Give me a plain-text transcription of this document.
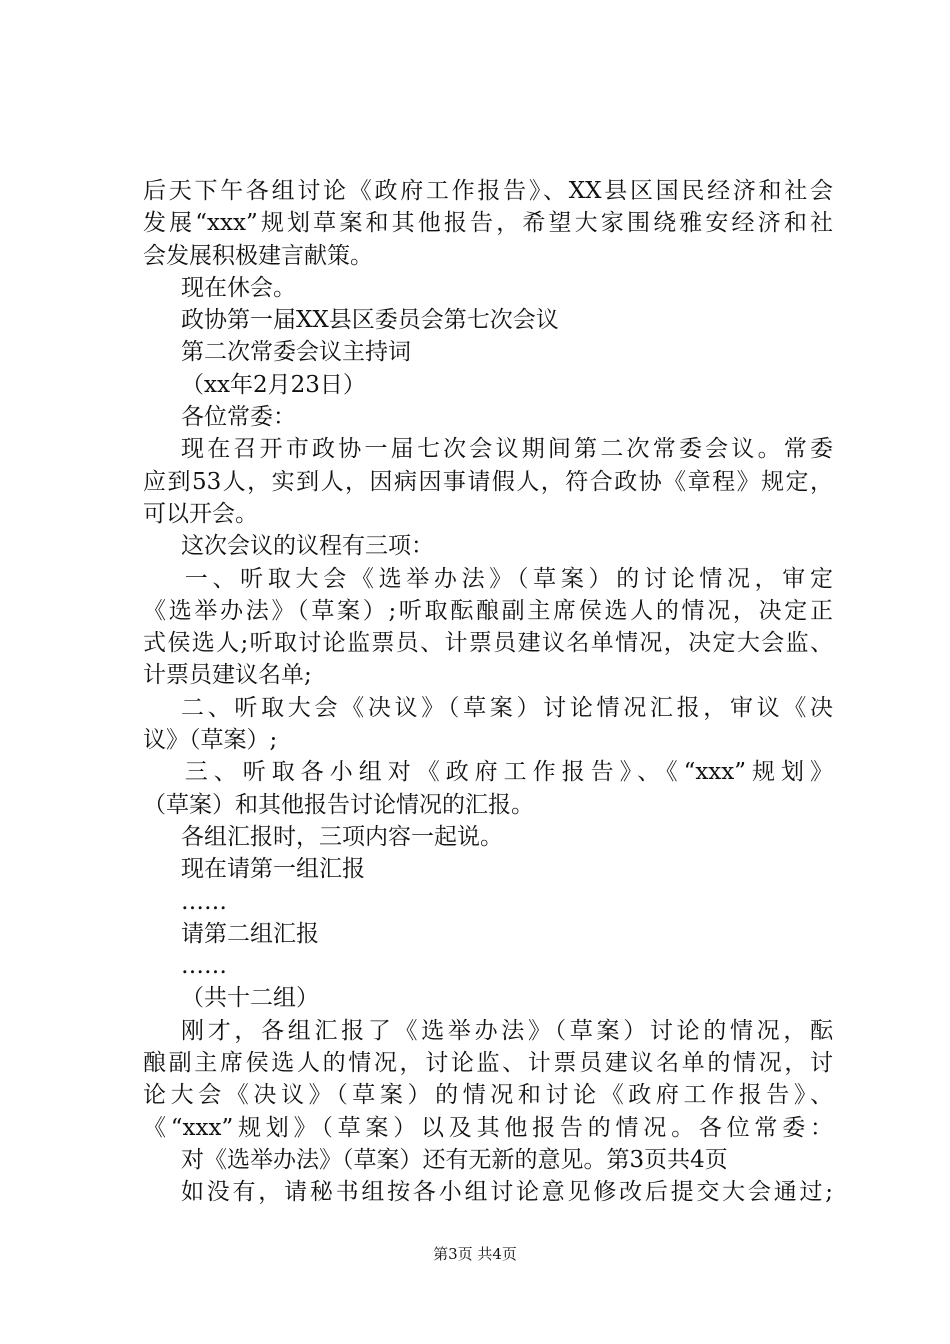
后天下午各组讨论《政府工作报告》、XX县区国民经济和社会
发展“xxx”规划草案和其他报告，希望大家围绕雅安经济和社
会发展积极建言献策。
现在休会。
政协第一届XX县区委员会第七次会议
第二次常委会议主持词
（xx年2月23日）
各位常委：
现在召开市政协一届七次会议期间第二次常委会议。常委
应到53人，实到人，因病因事请假人，符合政协《章程》规定，
可以开会。
这次会议的议程有三项：
一、听取大会《选举办法》（草案）的讨论情况，审定
《选举办法》（草案）;听取酝酿副主席侯选人的情况，决定正
式侯选人;听取讨论监票员、计票员建议名单情况，决定大会监、
计票员建议名单;
二、听取大会《决议》（草案）讨论情况汇报，审议《决
议》（草案）;
三、听取各小组对《政府工作报告》、《“xxx”规划》
（草案）和其他报告讨论情况的汇报。
各组汇报时，三项内容一起说。
现在请第一组汇报
……
请第二组汇报
……
（共十二组）
刚才，各组汇报了《选举办法》（草案）讨论的情况，酝
酿副主席侯选人的情况，讨论监、计票员建议名单的情况，讨
论大会《决议》（草案）的情况和讨论《政府工作报告》、
《“xxx”规划》（草案）以及其他报告的情况。各位常委：
对《选举办法》（草案）还有无新的意见。第3页共4页
如没有，请秘书组按各小组讨论意见修改后提交大会通过;
第3页 共4页
